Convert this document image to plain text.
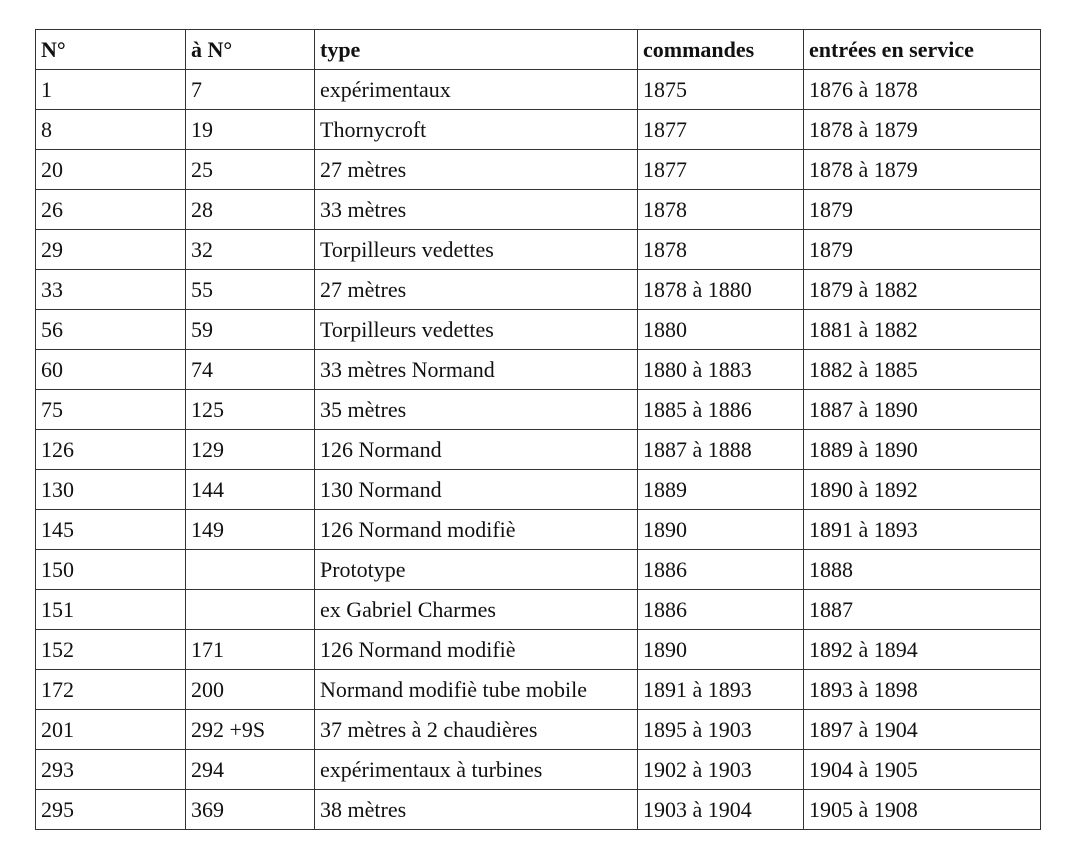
N°	à N°	type	commandes	entrées en service
1	7	expérimentaux	1875	1876 à 1878
8	19	Thornycroft	1877	1878 à 1879
20	25	27 mètres	1877	1878 à 1879
26	28	33 mètres	1878	1879
29	32	Torpilleurs vedettes	1878	1879
33	55	27 mètres	1878 à 1880	1879 à 1882
56	59	Torpilleurs vedettes	1880	1881 à 1882
60	74	33 mètres Normand	1880 à 1883	1882 à 1885
75	125	35 mètres	1885 à 1886	1887 à 1890
126	129	126 Normand	1887 à 1888	1889 à 1890
130	144	130 Normand	1889	1890 à 1892
145	149	126 Normand modifiè	1890	1891 à 1893
150		Prototype	1886	1888
151		ex Gabriel Charmes	1886	1887
152	171	126 Normand modifiè	1890	1892 à 1894
172	200	Normand modifiè tube mobile	1891 à 1893	1893 à 1898
201	292 +9S	37 mètres à 2 chaudières	1895 à 1903	1897 à 1904
293	294	expérimentaux à turbines	1902 à 1903	1904 à 1905
295	369	38 mètres	1903 à 1904	1905 à 1908
